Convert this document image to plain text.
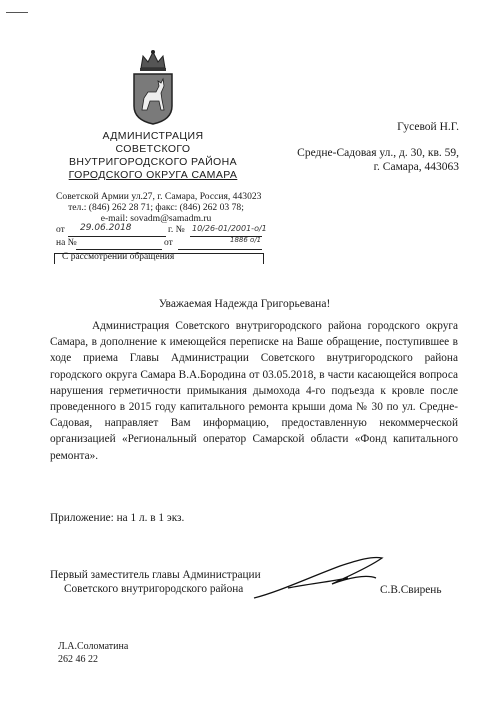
АДМИНИСТРАЦИЯ
СОВЕТСКОГО
ВНУТРИГОРОДСКОГО РАЙОНА
ГОРОДСКОГО ОКРУГА САМАРА
Советской Армии ул.27, г. Самара, Россия, 443023
тел.: (846) 262 28 71; факс: (846) 262 03 78;
e-mail: sovadm@samadm.ru
от 29.06.2018	г. № 10/26-01/2001-о/1
на №	от	1886 о/1
С рассмотрении обращения
Гусевой Н.Г.
Средне-Садовая ул., д. 30, кв. 59,
г. Самара, 443063
Уважаемая Надежда Григорьевана!
Администрация Советского внутригородского района городского округа Самара, в дополнение к имеющейся переписке на Ваше обращение, поступившее в ходе приема Главы Администрации Советского внутригородского района городского округа Самара В.А.Бородина от 03.05.2018, в части касающейся вопроса нарушения герметичности примыкания дымохода 4-го подъезда к кровле после проведенного в 2015 году капитального ремонта крыши дома № 30 по ул. Средне-Садовая, направляет Вам информацию, предоставленную некоммерческой организацией «Региональный оператор Самарской области «Фонд капитального ремонта».
Приложение: на 1 л. в 1 экз.
Первый заместитель главы Администрации
Советского внутригородского района	С.В.Свирень
Л.А.Соломатина
262 46 22
